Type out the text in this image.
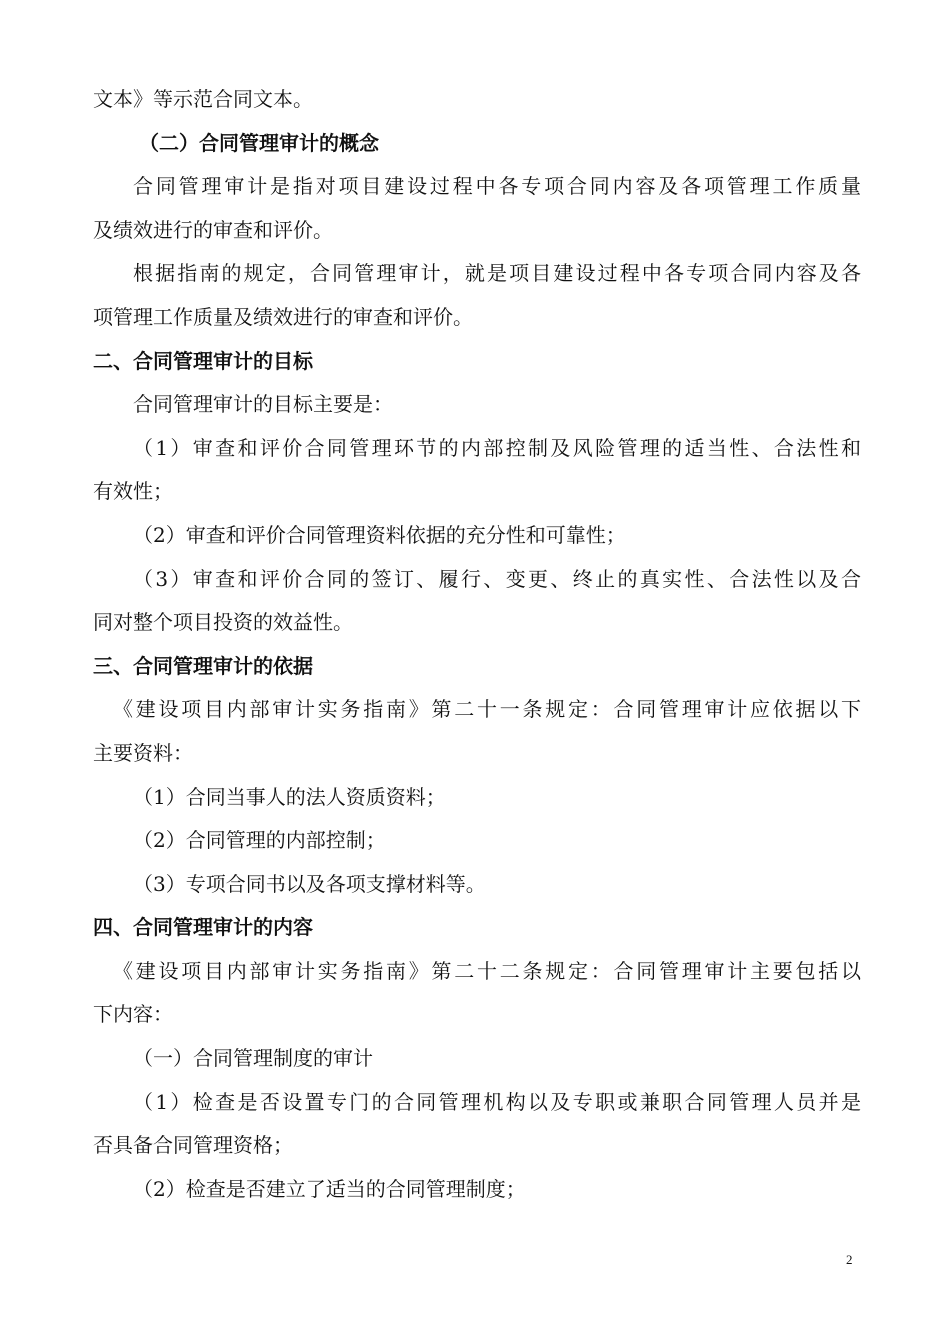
文本》等示范合同文本。
（二）合同管理审计的概念
合同管理审计是指对项目建设过程中各专项合同内容及各项管理工作质量
及绩效进行的审查和评价。
根据指南的规定，合同管理审计，就是项目建设过程中各专项合同内容及各
项管理工作质量及绩效进行的审查和评价。
二、合同管理审计的目标
合同管理审计的目标主要是：
（1）审查和评价合同管理环节的内部控制及风险管理的适当性、合法性和
有效性；
（2）审查和评价合同管理资料依据的充分性和可靠性；
（3）审查和评价合同的签订、履行、变更、终止的真实性、合法性以及合
同对整个项目投资的效益性。
三、合同管理审计的依据
《建设项目内部审计实务指南》第二十一条规定：合同管理审计应依据以下
主要资料：
（1）合同当事人的法人资质资料；
（2）合同管理的内部控制；
（3）专项合同书以及各项支撑材料等。
四、合同管理审计的内容
《建设项目内部审计实务指南》第二十二条规定：合同管理审计主要包括以
下内容：
（一）合同管理制度的审计
（1）检查是否设置专门的合同管理机构以及专职或兼职合同管理人员并是
否具备合同管理资格；
（2）检查是否建立了适当的合同管理制度；
2
